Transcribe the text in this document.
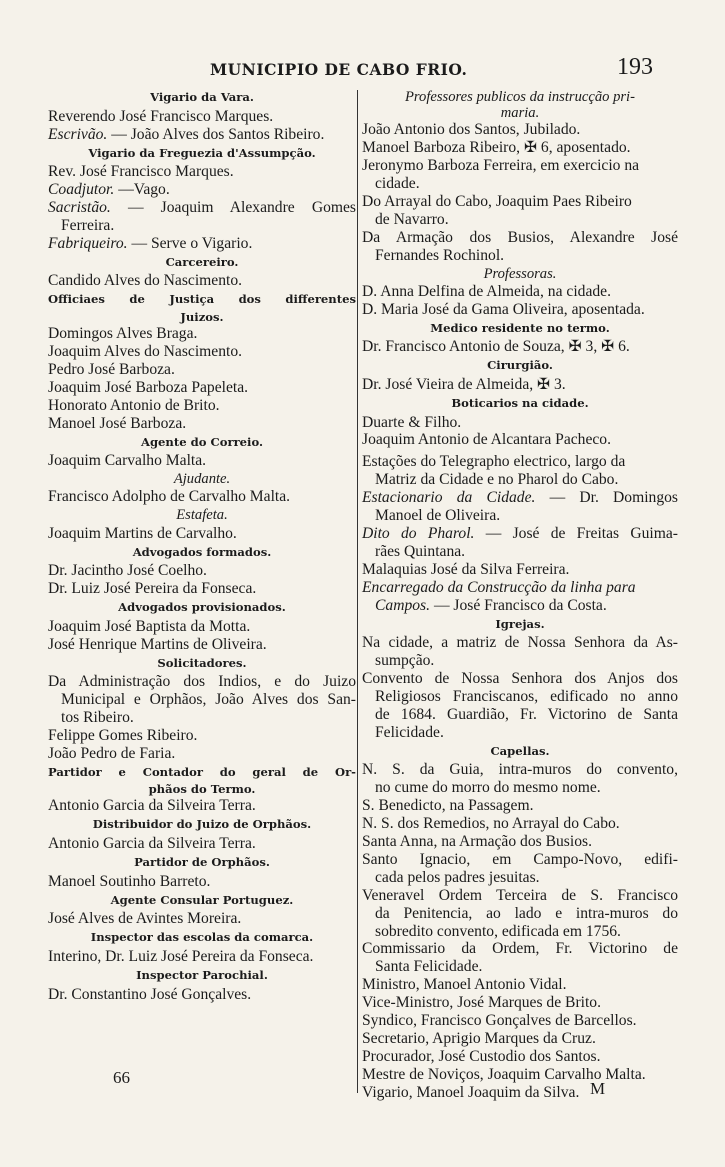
MUNICIPIO DE CABO FRIO.	193
Vigario da Vara.
Reverendo José Francisco Marques.
Escrivão. — João Alves dos Santos Ribeiro.
Vigario da Freguezia d'Assumpção.
Rev. José Francisco Marques.
Coadjutor. —Vago.
Sacristão. — Joaquim Alexandre Gomes
Ferreira.
Fabriqueiro. — Serve o Vigario.
Carcereiro.
Candido Alves do Nascimento.
Officiaes de Justiça dos differentes
Juizos.
Domingos Alves Braga.
Joaquim Alves do Nascimento.
Pedro José Barboza.
Joaquim José Barboza Papeleta.
Honorato Antonio de Brito.
Manoel José Barboza.
Agente do Correio.
Joaquim Carvalho Malta.
Ajudante.
Francisco Adolpho de Carvalho Malta.
Estafeta.
Joaquim Martins de Carvalho.
Advogados formados.
Dr. Jacintho José Coelho.
Dr. Luiz José Pereira da Fonseca.
Advogados provisionados.
Joaquim José Baptista da Motta.
José Henrique Martins de Oliveira.
Solicitadores.
Da Administração dos Indios, e do Juizo
Municipal e Orphãos, João Alves dos San-
tos Ribeiro.
Felippe Gomes Ribeiro.
João Pedro de Faria.
Partidor e Contador do geral de Or-
phãos do Termo.
Antonio Garcia da Silveira Terra.
Distribuidor do Juizo de Orphãos.
Antonio Garcia da Silveira Terra.
Partidor de Orphãos.
Manoel Soutinho Barreto.
Agente Consular Portuguez.
José Alves de Avintes Moreira.
Inspector das escolas da comarca.
Interino, Dr. Luiz José Pereira da Fonseca.
Inspector Parochial.
Dr. Constantino José Gonçalves.
66
Professores publicos da instrucção pri-
maria.
João Antonio dos Santos, Jubilado.
Manoel Barboza Ribeiro, ✠ 6, aposentado.
Jeronymo Barboza Ferreira, em exercicio na
cidade.
Do Arrayal do Cabo, Joaquim Paes Ribeiro
de Navarro.
Da Armação dos Busios, Alexandre José
Fernandes Rochinol.
Professoras.
D. Anna Delfina de Almeida, na cidade.
D. Maria José da Gama Oliveira, aposentada.
Medico residente no termo.
Dr. Francisco Antonio de Souza, ✠ 3, ✠ 6.
Cirurgião.
Dr. José Vieira de Almeida, ✠ 3.
Boticarios na cidade.
Duarte & Filho.
Joaquim Antonio de Alcantara Pacheco.
Estações do Telegrapho electrico, largo da
Matriz da Cidade e no Pharol do Cabo.
Estacionario da Cidade. — Dr. Domingos
Manoel de Oliveira.
Dito do Pharol. — José de Freitas Guima-
rães Quintana.
Malaquias José da Silva Ferreira.
Encarregado da Construcção da linha para
Campos. — José Francisco da Costa.
Igrejas.
Na cidade, a matriz de Nossa Senhora da As-
sumpção.
Convento de Nossa Senhora dos Anjos dos
Religiosos Franciscanos, edificado no anno
de 1684. Guardião, Fr. Victorino de Santa
Felicidade.
Capellas.
N. S. da Guia, intra-muros do convento,
no cume do morro do mesmo nome.
S. Benedicto, na Passagem.
N. S. dos Remedios, no Arrayal do Cabo.
Santa Anna, na Armação dos Busios.
Santo Ignacio, em Campo-Novo, edifi-
cada pelos padres jesuitas.
Veneravel Ordem Terceira de S. Francisco
da Penitencia, ao lado e intra-muros do
sobredito convento, edificada em 1756.
Commissario da Ordem, Fr. Victorino de
Santa Felicidade.
Ministro, Manoel Antonio Vidal.
Vice-Ministro, José Marques de Brito.
Syndico, Francisco Gonçalves de Barcellos.
Secretario, Aprigio Marques da Cruz.
Procurador, José Custodio dos Santos.
Mestre de Noviços, Joaquim Carvalho Malta.
Vigario, Manoel Joaquim da Silva. M
